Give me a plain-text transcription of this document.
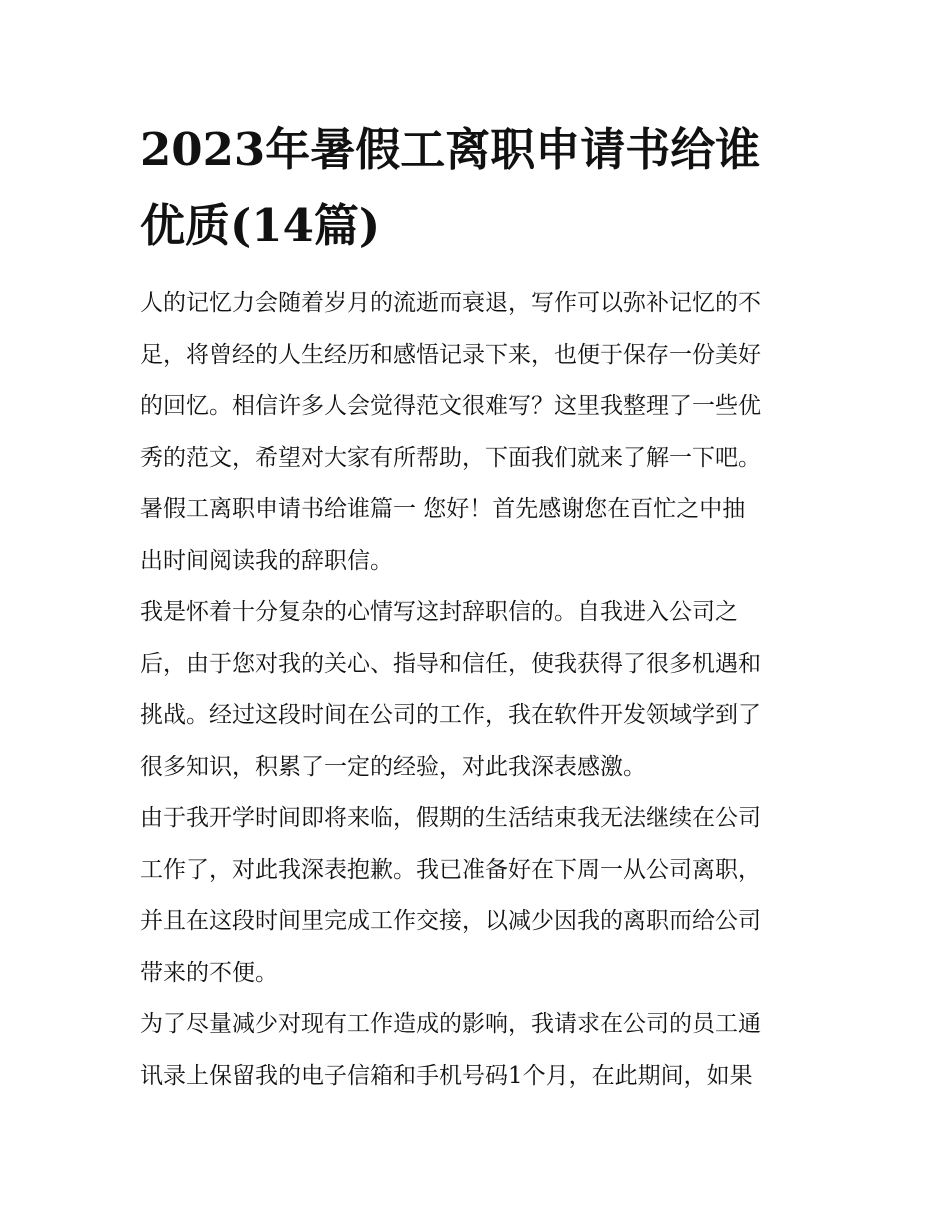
2023年暑假工离职申请书给谁
优质(14篇)

人的记忆力会随着岁月的流逝而衰退，写作可以弥补记忆的不
足，将曾经的人生经历和感悟记录下来，也便于保存一份美好
的回忆。相信许多人会觉得范文很难写？这里我整理了一些优
秀的范文，希望对大家有所帮助，下面我们就来了解一下吧。
暑假工离职申请书给谁篇一 您好！首先感谢您在百忙之中抽
出时间阅读我的辞职信。

我是怀着十分复杂的心情写这封辞职信的。自我进入公司之
后，由于您对我的关心、指导和信任，使我获得了很多机遇和
挑战。经过这段时间在公司的工作，我在软件开发领域学到了
很多知识，积累了一定的经验，对此我深表感激。

由于我开学时间即将来临，假期的生活结束我无法继续在公司
工作了，对此我深表抱歉。我已准备好在下周一从公司离职，
并且在这段时间里完成工作交接，以减少因我的离职而给公司
带来的不便。

为了尽量减少对现有工作造成的影响，我请求在公司的员工通
讯录上保留我的电子信箱和手机号码1个月，在此期间，如果
